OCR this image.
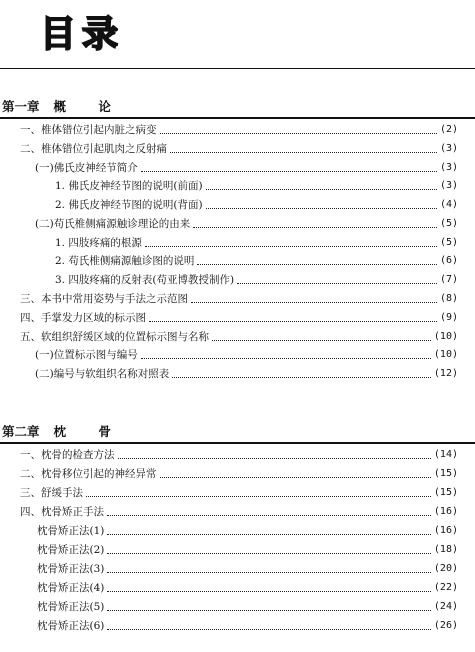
目录
第一章 概 论
一、椎体错位引起内脏之病变	(2)
二、椎体错位引起肌肉之反射痛	(3)
(一)佛氏皮神经节简介	(3)
1. 佛氏皮神经节图的说明(前面)	(3)
2. 佛氏皮神经节图的说明(背面)	(4)
(二)苟氏椎侧痛源触诊理论的由来	(5)
1. 四肢疼痛的根源	(5)
2. 苟氏椎侧痛源触诊图的说明	(6)
3. 四肢疼痛的反射表(苟亚博教授制作)	(7)
三、本书中常用姿势与手法之示范图	(8)
四、手掌发力区域的标示图	(9)
五、软组织舒缓区域的位置标示图与名称	(10)
(一)位置标示图与编号	(10)
(二)编号与软组织名称对照表	(12)
第二章 枕 骨
一、枕骨的检查方法	(14)
二、枕骨移位引起的神经异常	(15)
三、舒缓手法	(15)
四、枕骨矫正手法	(16)
枕骨矫正法(1)	(16)
枕骨矫正法(2)	(18)
枕骨矫正法(3)	(20)
枕骨矫正法(4)	(22)
枕骨矫正法(5)	(24)
枕骨矫正法(6)	(26)
